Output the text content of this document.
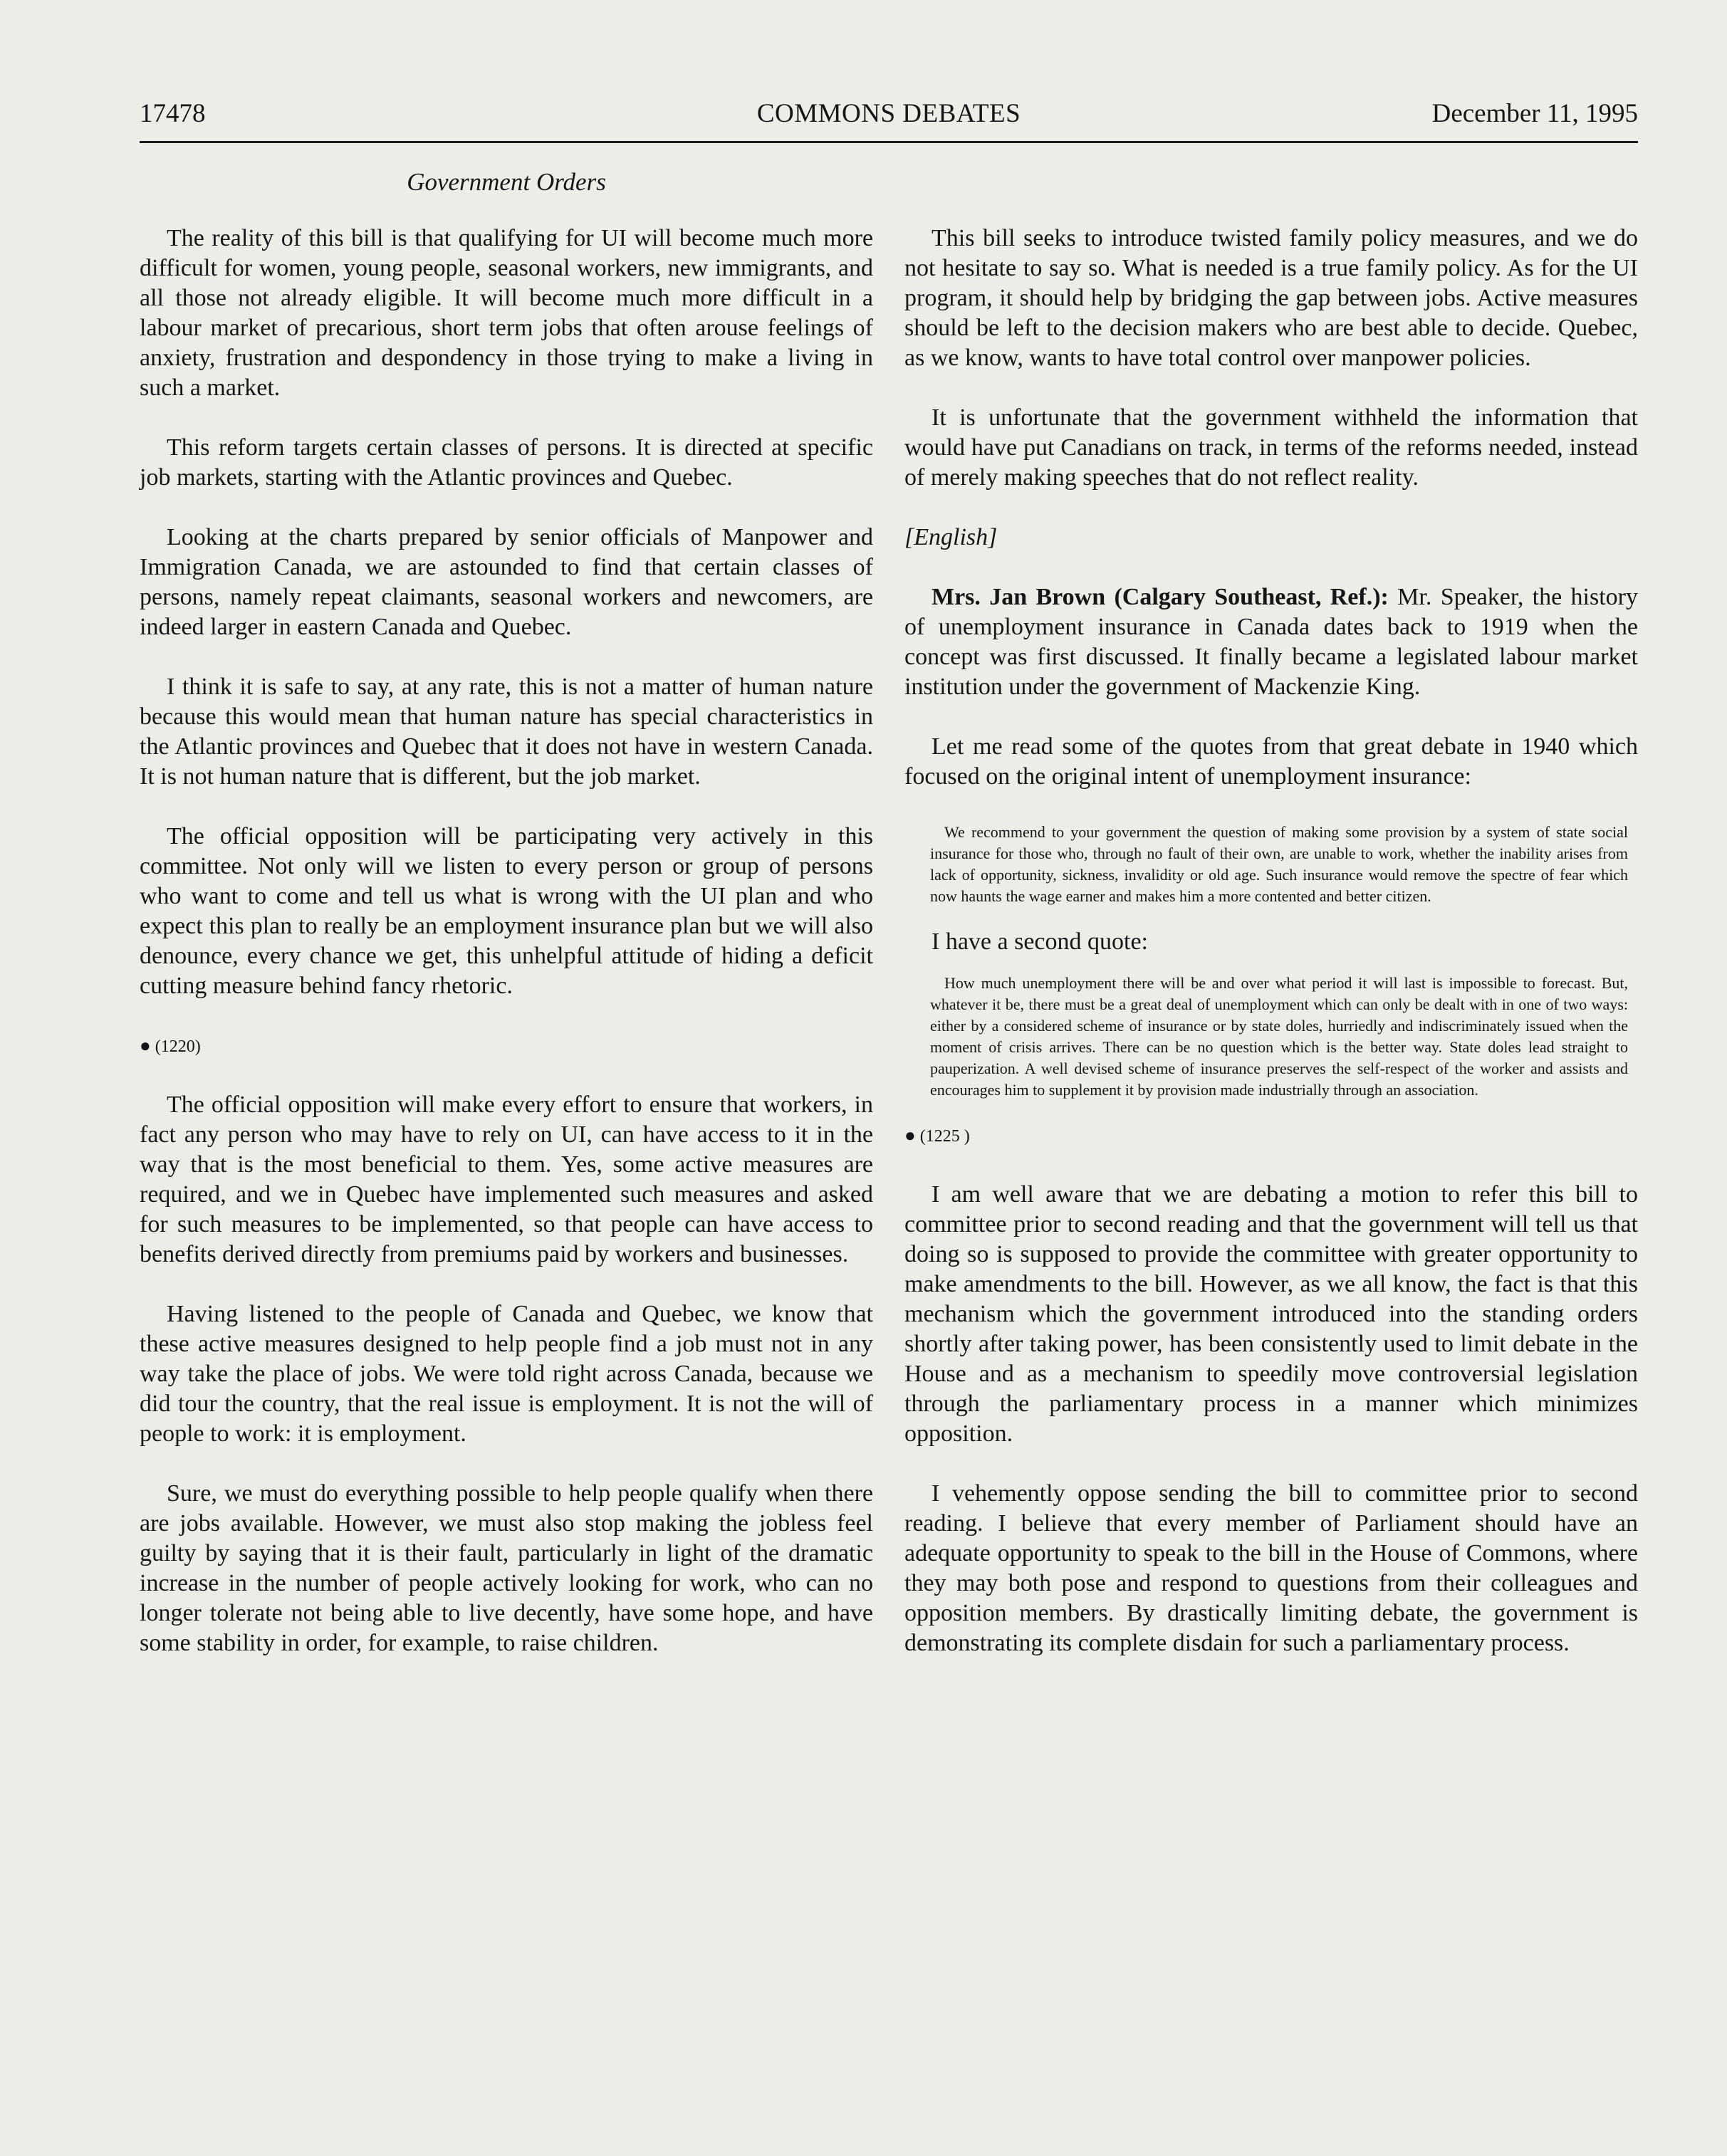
17478	COMMONS DEBATES	December 11, 1995
Government Orders

The reality of this bill is that qualifying for UI will become much more difficult for women, young people, seasonal workers, new immigrants, and all those not already eligible. It will become much more difficult in a labour market of precarious, short term jobs that often arouse feelings of anxiety, frustration and despondency in those trying to make a living in such a market.

This reform targets certain classes of persons. It is directed at specific job markets, starting with the Atlantic provinces and Quebec.

Looking at the charts prepared by senior officials of Manpower and Immigration Canada, we are astounded to find that certain classes of persons, namely repeat claimants, seasonal workers and newcomers, are indeed larger in eastern Canada and Quebec.

I think it is safe to say, at any rate, this is not a matter of human nature because this would mean that human nature has special characteristics in the Atlantic provinces and Quebec that it does not have in western Canada. It is not human nature that is different, but the job market.

The official opposition will be participating very actively in this committee. Not only will we listen to every person or group of persons who want to come and tell us what is wrong with the UI plan and who expect this plan to really be an employment insurance plan but we will also denounce, every chance we get, this unhelpful attitude of hiding a deficit cutting measure behind fancy rhetoric.

● (1220)

The official opposition will make every effort to ensure that workers, in fact any person who may have to rely on UI, can have access to it in the way that is the most beneficial to them. Yes, some active measures are required, and we in Quebec have implemented such measures and asked for such measures to be implemented, so that people can have access to benefits derived directly from premiums paid by workers and businesses.

Having listened to the people of Canada and Quebec, we know that these active measures designed to help people find a job must not in any way take the place of jobs. We were told right across Canada, because we did tour the country, that the real issue is employment. It is not the will of people to work: it is employment.

Sure, we must do everything possible to help people qualify when there are jobs available. However, we must also stop making the jobless feel guilty by saying that it is their fault, particularly in light of the dramatic increase in the number of people actively looking for work, who can no longer tolerate not being able to live decently, have some hope, and have some stability in order, for example, to raise children.

This bill seeks to introduce twisted family policy measures, and we do not hesitate to say so. What is needed is a true family policy. As for the UI program, it should help by bridging the gap between jobs. Active measures should be left to the decision makers who are best able to decide. Quebec, as we know, wants to have total control over manpower policies.

It is unfortunate that the government withheld the information that would have put Canadians on track, in terms of the reforms needed, instead of merely making speeches that do not reflect reality.

[English]

Mrs. Jan Brown (Calgary Southeast, Ref.): Mr. Speaker, the history of unemployment insurance in Canada dates back to 1919 when the concept was first discussed. It finally became a legislated labour market institution under the government of Mackenzie King.

Let me read some of the quotes from that great debate in 1940 which focused on the original intent of unemployment insurance:

We recommend to your government the question of making some provision by a system of state social insurance for those who, through no fault of their own, are unable to work, whether the inability arises from lack of opportunity, sickness, invalidity or old age. Such insurance would remove the spectre of fear which now haunts the wage earner and makes him a more contented and better citizen.

I have a second quote:

How much unemployment there will be and over what period it will last is impossible to forecast. But, whatever it be, there must be a great deal of unemployment which can only be dealt with in one of two ways: either by a considered scheme of insurance or by state doles, hurriedly and indiscriminately issued when the moment of crisis arrives. There can be no question which is the better way. State doles lead straight to pauperization. A well devised scheme of insurance preserves the self-respect of the worker and assists and encourages him to supplement it by provision made industrially through an association.
● (1225 )

I am well aware that we are debating a motion to refer this bill to committee prior to second reading and that the government will tell us that doing so is supposed to provide the committee with greater opportunity to make amendments to the bill. However, as we all know, the fact is that this mechanism which the government introduced into the standing orders shortly after taking power, has been consistently used to limit debate in the House and as a mechanism to speedily move controversial legislation through the parliamentary process in a manner which minimizes opposition.

I vehemently oppose sending the bill to committee prior to second reading. I believe that every member of Parliament should have an adequate opportunity to speak to the bill in the House of Commons, where they may both pose and respond to questions from their colleagues and opposition members. By drastically limiting debate, the government is demonstrating its complete disdain for such a parliamentary process.
